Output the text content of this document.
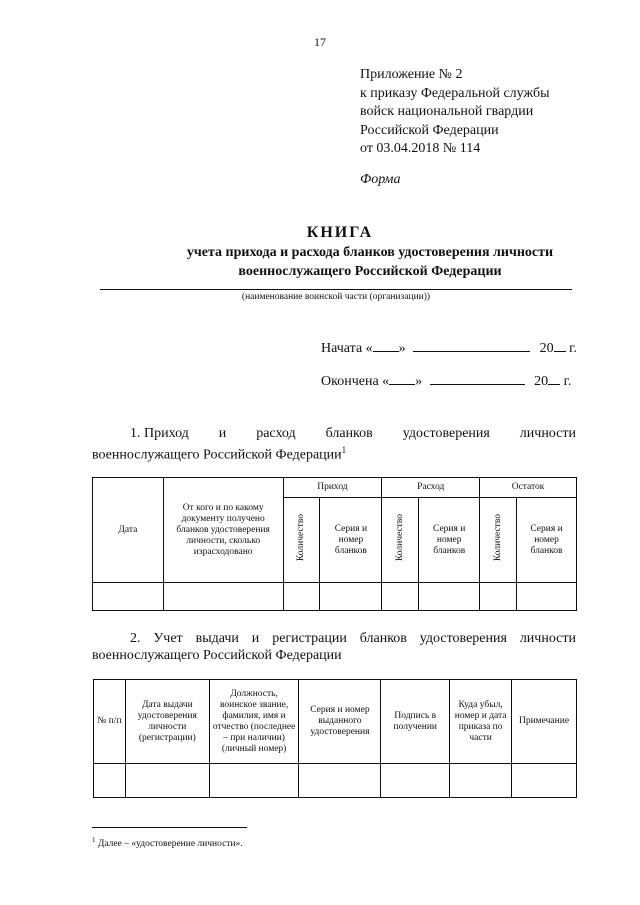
17
Приложение № 2
к приказу Федеральной службы
войск национальной гвардии
Российской Федерации
от 03.04.2018 № 114
Форма
КНИГА
учета прихода и расхода бланков удостоверения личности
военнослужащего Российской Федерации
(наименование воинской части (организации))
Начата « »	20 г.
Окончена « »	20 г.
1. Приход и расход бланков удостоверения личности
военнослужащего Российской Федерации$^1$
Дата	От кого и по какому документу получено бланков удостоверения личности, сколько израсходовано	Приход		Расход		Остаток	
		Количество	Серия и номер бланков	Количество	Серия и номер бланков	Количество	Серия и номер бланков

2. Учет выдачи и регистрации бланков удостоверения личности
военнослужащего Российской Федерации
№ п/п	Дата выдачи удостоверения личности (регистрации)	Должность, воинское звание, фамилия, имя и отчество (последнее – при наличии) (личный номер)	Серия и номер выданного удостоверения	Подпись в получении	Куда убыл, номер и дата приказа по части	Примечание

$^1$ Далее – «удостоверение личности».
